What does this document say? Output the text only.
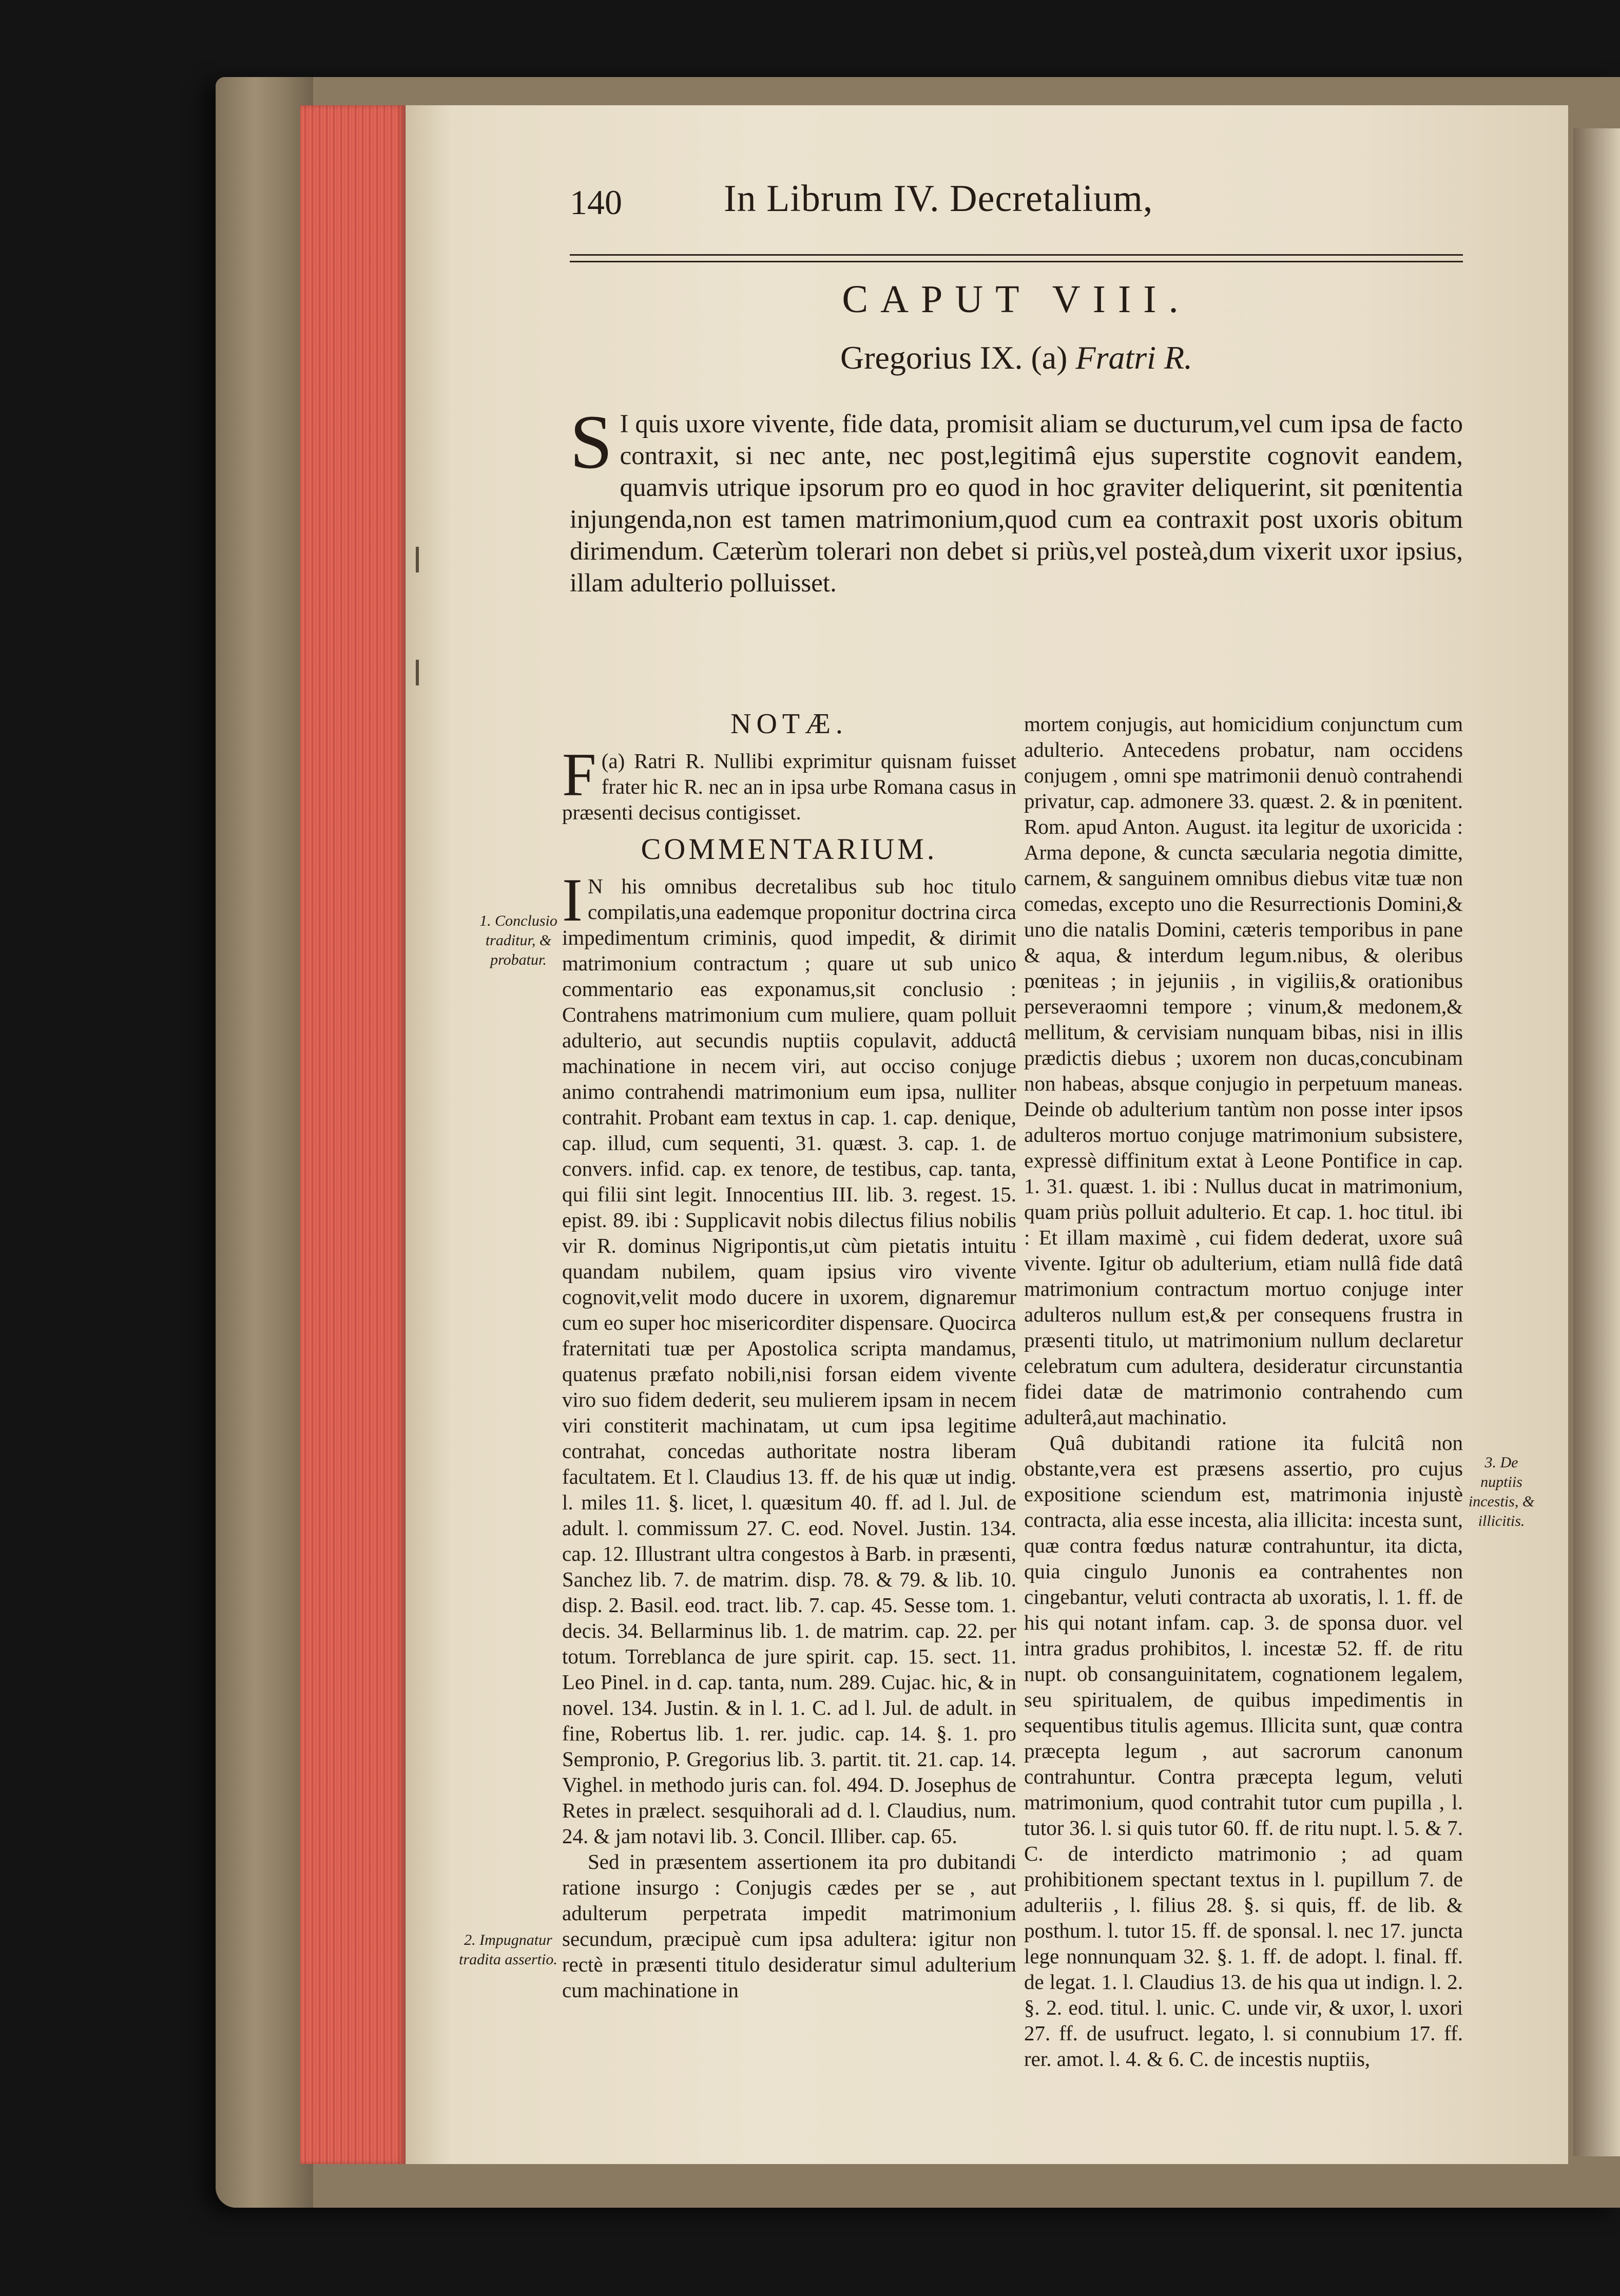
140	In Librum IV. Decretalium,
CAPUT VIII.
Gregorius IX. (a) Fratri R.
S I quis uxore vivente, fide data, promisit aliam se ducturum,vel cum ipsa de facto contraxit, si nec ante, nec post,legitimâ ejus superstite cognovit eandem, quamvis utrique ipsorum pro eo quod in hoc graviter deliquerint, sit pœnitentia injungenda,non est tamen matrimonium,quod cum ea contraxit post uxoris obitum dirimendum. Cæterùm tolerari non debet si priùs,vel posteà,dum vixerit uxor ipsius, illam adulterio polluisset.
NOTÆ.

(a)
F Ratri R. Nullibi exprimitur quisnam fuisset frater hic R. nec an in ipsa urbe Romana casus in præsenti decisus contigisset.

COMMENTARIUM.

I N his omnibus decretalibus sub hoc titulo compilatis,una eademque proponitur doctrina circa impedimentum criminis, quod impedit, & dirimit matrimonium contractum ; quare ut sub unico commentario eas exponamus,sit conclusio : Contrahens matrimonium cum muliere, quam polluit adulterio, aut secundis nuptiis copulavit, adductâ machinatione in necem viri, aut occiso conjuge animo contrahendi matrimonium eum ipsa, nulliter contrahit. Probant eam textus in cap. 1. cap. denique, cap. illud, cum sequenti, 31. quæst. 3. cap. 1. de convers. infid. cap. ex tenore, de testibus, cap. tanta, qui filii sint legit. Innocentius III. lib. 3. regest. 15. epist. 89. ibi : Supplicavit nobis dilectus filius nobilis vir R. dominus Nigripontis,ut cùm pietatis intuitu quandam nubilem, quam ipsius viro vivente cognovit,velit modo ducere in uxorem, dignaremur cum eo super hoc misericorditer dispensare. Quocirca fraternitati tuæ per Apostolica scripta mandamus, quatenus præfato nobili,nisi forsan eidem vivente viro suo fidem dederit, seu mulierem ipsam in necem viri constiterit machinatam, ut cum ipsa legitime contrahat, concedas authoritate nostra liberam facultatem. Et l. Claudius 13. ff. de his quæ ut indig. l. miles 11. §. licet, l. quæsitum 40. ff. ad l. Jul. de adult. l. commissum 27. C. eod. Novel. Justin. 134. cap. 12. Illustrant ultra congestos à Barb. in præsenti, Sanchez lib. 7. de matrim. disp. 78. & 79. & lib. 10. disp. 2. Basil. eod. tract. lib. 7. cap. 45. Sesse tom. 1. decis. 34. Bellarminus lib. 1. de matrim. cap. 22. per totum. Torreblanca de jure spirit. cap. 15. sect. 11. Leo Pinel. in d. cap. tanta, num. 289. Cujac. hic, & in novel. 134. Justin. & in l. 1. C. ad l. Jul. de adult. in fine, Robertus lib. 1. rer. judic. cap. 14. §. 1. pro Sempronio, P. Gregorius lib. 3. partit. tit. 21. cap. 14. Vighel. in methodo juris can. fol. 494. D. Josephus de Retes in prælect. sesquihorali ad d. l. Claudius, num. 24. & jam notavi lib. 3. Concil. Illiber. cap. 65.

Sed in præsentem assertionem ita pro dubitandi ratione insurgo : Conjugis cædes per se , aut adulterum perpetrata impedit matrimonium secundum, præcipuè cum ipsa adultera: igitur non rectè in præsenti titulo desideratur simul adulterium cum machinatione in

mortem conjugis, aut homicidium conjunctum cum adulterio. Antecedens probatur, nam occidens conjugem , omni spe matrimonii denuò contrahendi privatur, cap. admonere 33. quæst. 2. & in pœnitent. Rom. apud Anton. August. ita legitur de uxoricida : Arma depone, & cuncta sæcularia negotia dimitte, carnem, & sanguinem omnibus diebus vitæ tuæ non comedas, excepto uno die Resurrectionis Domini,& uno die natalis Domini, cæteris temporibus in pane & aqua, & interdum legum.nibus, & oleribus pœniteas ; in jejuniis , in vigiliis,& orationibus perseveraomni tempore ; vinum,& medonem,& mellitum, & cervisiam nunquam bibas, nisi in illis prædictis diebus ; uxorem non ducas,concubinam non habeas, absque conjugio in perpetuum maneas. Deinde ob adulterium tantùm non posse inter ipsos adulteros mortuo conjuge matrimonium subsistere, expressè diffinitum extat à Leone Pontifice in cap. 1. 31. quæst. 1. ibi : Nullus ducat in matrimonium, quam priùs polluit adulterio. Et cap. 1. hoc titul. ibi : Et illam maximè , cui fidem dederat, uxore suâ vivente. Igitur ob adulterium, etiam nullâ fide datâ matrimonium contractum mortuo conjuge inter adulteros nullum est,& per consequens frustra in præsenti titulo, ut matrimonium nullum declaretur celebratum cum adultera, desideratur circunstantia fidei datæ de matrimonio contrahendo cum adulterâ,aut machinatio.

Quâ dubitandi ratione ita fulcitâ non obstante,vera est præsens assertio, pro cujus expositione sciendum est, matrimonia injustè contracta, alia esse incesta, alia illicita: incesta sunt, quæ contra fœdus naturæ contrahuntur, ita dicta, quia cingulo Junonis ea contrahentes non cingebantur, veluti contracta ab uxoratis, l. 1. ff. de his qui notant infam. cap. 3. de sponsa duor. vel intra gradus prohibitos, l. incestæ 52. ff. de ritu nupt. ob consanguinitatem, cognationem legalem, seu spiritualem, de quibus impedimentis in sequentibus titulis agemus. Illicita sunt, quæ contra præcepta legum , aut sacrorum canonum contrahuntur. Contra præcepta legum, veluti matrimonium, quod contrahit tutor cum pupilla , l. tutor 36. l. si quis tutor 60. ff. de ritu nupt. l. 5. & 7. C. de interdicto matrimonio ; ad quam prohibitionem spectant textus in l. pupillum 7. de adulteriis , l. filius 28. §. si quis, ff. de lib. & posthum. l. tutor 15. ff. de sponsal. l. nec 17. juncta lege nonnunquam 32. §. 1. ff. de adopt. l. final. ff. de legat. 1. l. Claudius 13. de his qua ut indign. l. 2. §. 2. eod. titul. l. unic. C. unde vir, & uxor, l. uxori 27. ff. de usufruct. legato, l. si connubium 17. ff. rer. amot. l. 4. & 6. C. de incestis nuptiis,

1. Conclusio traditur, & probatur.
2. Impugnatur tradita assertio.
3. De nuptiis incestis, & illicitis.
